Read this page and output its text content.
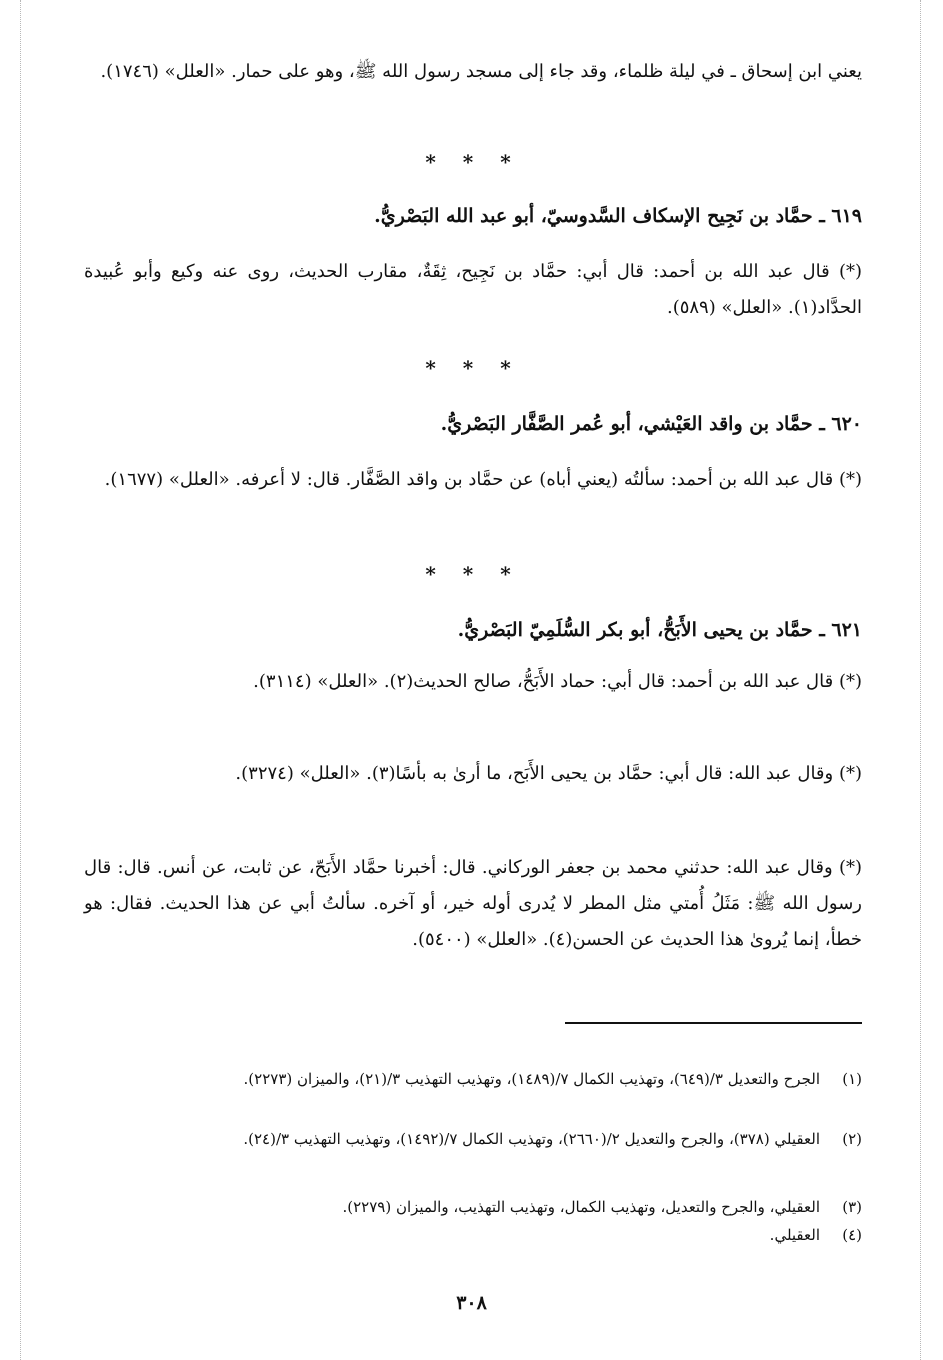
يعني ابن إسحاق ـ في ليلة ظلماء، وقد جاء إلى مسجد رسول الله ﷺ، وهو على حمار. «العلل» (١٧٤٦).
* * *
٦١٩ ـ حمَّاد بن نَجِيح الإسكاف السَّدوسيّ، أبو عبد الله البَصْريُّ.
(*) قال عبد الله بن أحمد: قال أبي: حمَّاد بن نَجِيح، ثِقَةٌ، مقارب الحديث، روى عنه وكيع وأبو عُبيدة الحدَّاد(١). «العلل» (٥٨٩).
* * *
٦٢٠ ـ حمَّاد بن واقد العَيْشي، أبو عُمر الصَّفَّار البَصْريُّ.
(*) قال عبد الله بن أحمد: سألتُه (يعني أباه) عن حمَّاد بن واقد الصَّفَّار. قال: لا أعرفه. «العلل» (١٦٧٧).
* * *
٦٢١ ـ حمَّاد بن يحيى الأَبَحُّ، أبو بكر السُّلَمِيّ البَصْريُّ.
(*) قال عبد الله بن أحمد: قال أبي: حماد الأَبَحُّ، صالح الحديث(٢). «العلل» (٣١١٤).
(*) وقال عبد الله: قال أبي: حمَّاد بن يحيى الأَبَح، ما أرىٰ به بأسًا(٣). «العلل» (٣٢٧٤).
(*) وقال عبد الله: حدثني محمد بن جعفر الوركاني. قال: أخبرنا حمَّاد الأَبَحّ، عن ثابت، عن أنس. قال: قال رسول الله ﷺ: مَثَلُ أُمتي مثل المطر لا يُدرى أوله خير، أو آخره. سألتُ أبي عن هذا الحديث. فقال: هو خطأ، إنما يُروىٰ هذا الحديث عن الحسن(٤). «العلل» (٥٤٠٠).
(١)الجرح والتعديل ٣/(٦٤٩)، وتهذيب الكمال ٧/(١٤٨٩)، وتهذيب التهذيب ٣/(٢١)، والميزان (٢٢٧٣).
(٢)العقيلي (٣٧٨)، والجرح والتعديل ٢/(٢٦٦٠)، وتهذيب الكمال ٧/(١٤٩٢)، وتهذيب التهذيب ٣/(٢٤).
(٣)العقيلي، والجرح والتعديل، وتهذيب الكمال، وتهذيب التهذيب، والميزان (٢٢٧٩).
(٤)العقيلي.
٣٠٨
